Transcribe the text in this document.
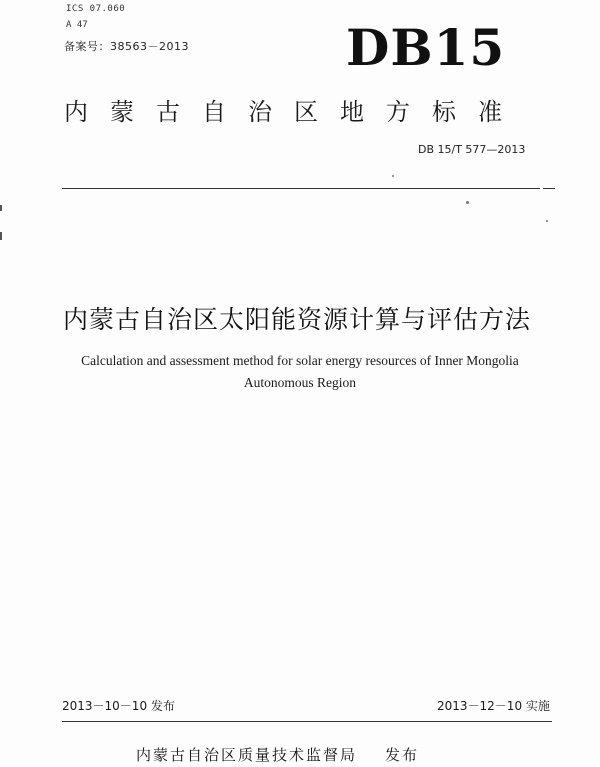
ICS 07.060
A 47
备案号：38563－2013	DB15
内蒙古自治区地方标准
DB 15/T 577—2013
内蒙古自治区太阳能资源计算与评估方法
Calculation and assessment method for solar energy resources of Inner Mongolia Autonomous Region
2013－10－10 发布	2013－12－10 实施
内蒙古自治区质量技术监督局 发布
